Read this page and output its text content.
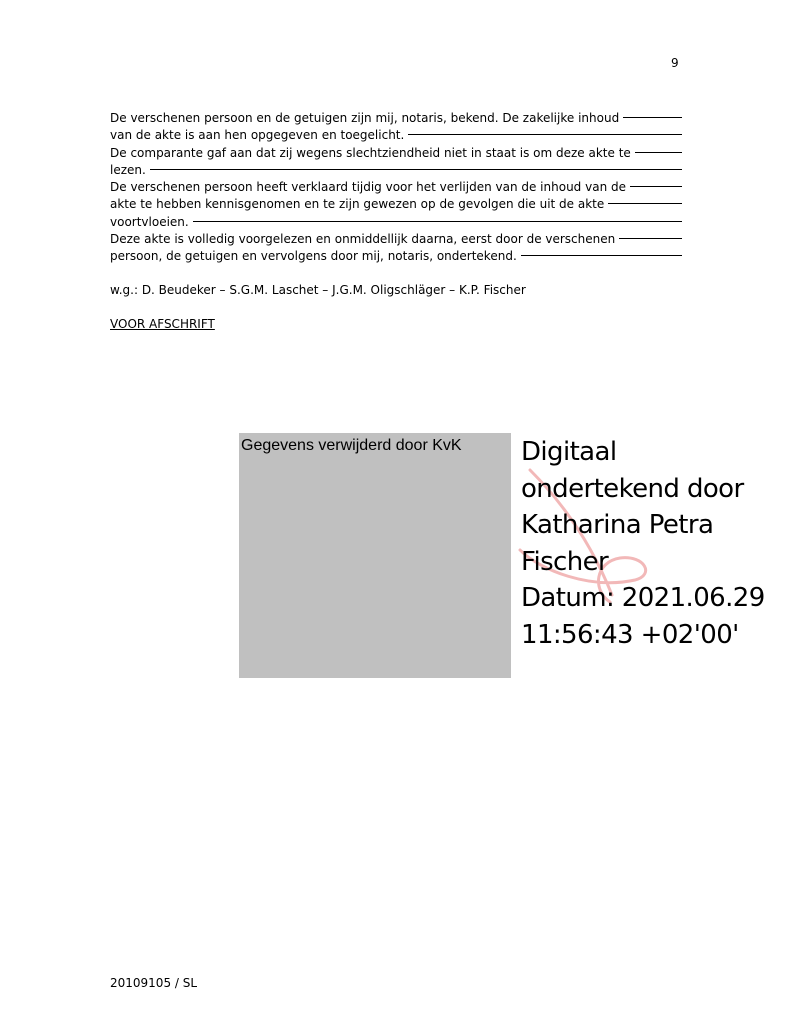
9
De verschenen persoon en de getuigen zijn mij, notaris, bekend. De zakelijke inhoud
van de akte is aan hen opgegeven en toegelicht.
De comparante gaf aan dat zij wegens slechtziendheid niet in staat is om deze akte te
lezen.
De verschenen persoon heeft verklaard tijdig voor het verlijden van de inhoud van de
akte te hebben kennisgenomen en te zijn gewezen op de gevolgen die uit de akte
voortvloeien.
Deze akte is volledig voorgelezen en onmiddellijk daarna, eerst door de verschenen
persoon, de getuigen en vervolgens door mij, notaris, ondertekend.
w.g.: D. Beudeker – S.G.M. Laschet – J.G.M. Oligschläger – K.P. Fischer
VOOR AFSCHRIFT
Gegevens verwijderd door KvK Digitaal
ondertekend door
Katharina Petra
Fischer
Datum: 2021.06.29
11:56:43 +02'00'
20109105 / SL
